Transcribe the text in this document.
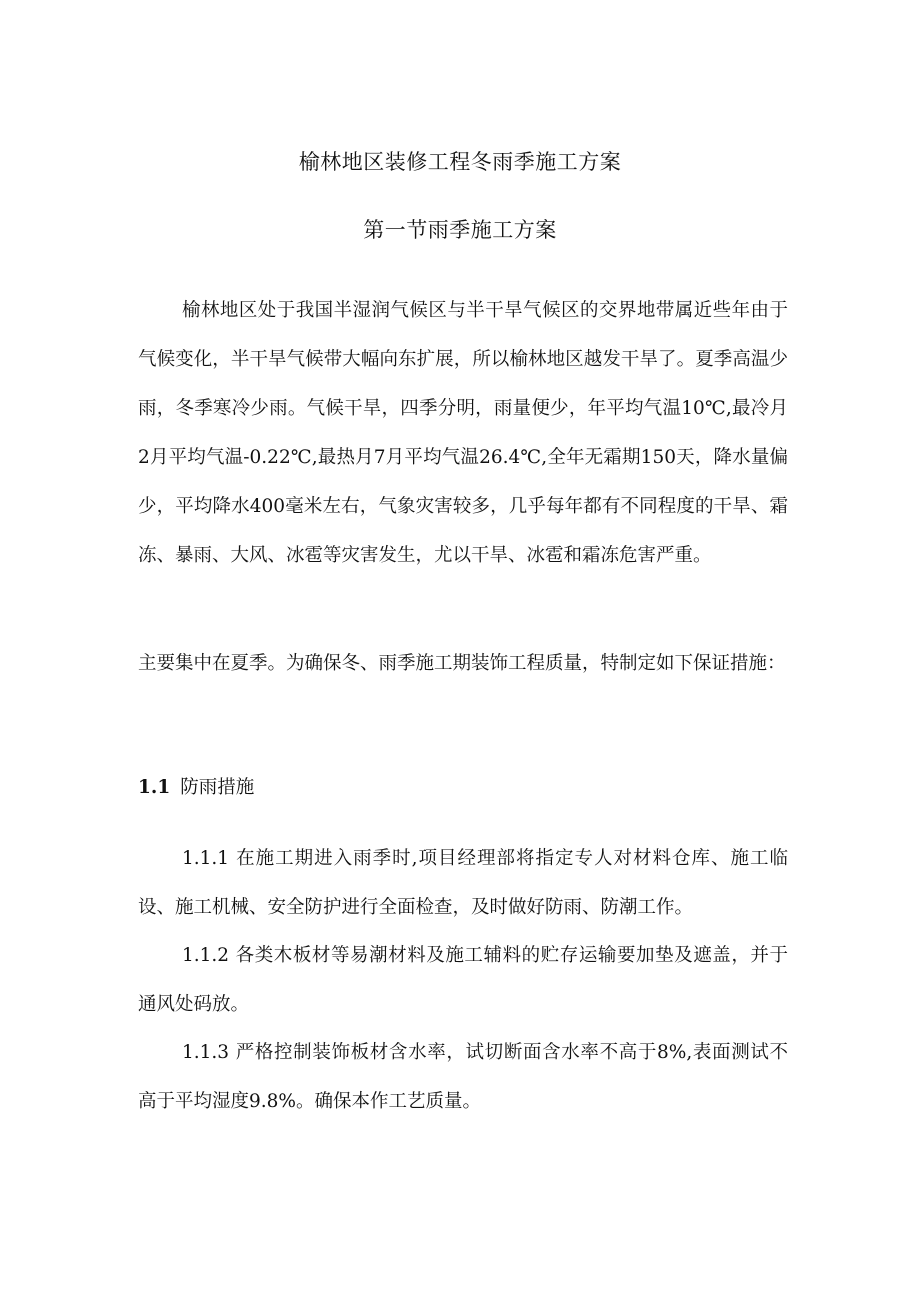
榆林地区装修工程冬雨季施工方案
第一节雨季施工方案

榆林地区处于我国半湿润气候区与半干旱气候区的交界地带属近些年由于气候变化，半干旱气候带大幅向东扩展，所以榆林地区越发干旱了。夏季高温少雨，冬季寒冷少雨。气候干旱，四季分明，雨量便少，年平均气温10℃,最冷月2月平均气温-0.22℃,最热月7月平均气温26.4℃,全年无霜期150天，降水量偏少，平均降水400毫米左右，气象灾害较多，几乎每年都有不同程度的干旱、霜冻、暴雨、大风、冰雹等灾害发生，尤以干旱、冰雹和霜冻危害严重。

主要集中在夏季。为确保冬、雨季施工期装饰工程质量，特制定如下保证措施：

1.1 防雨措施

1.1.1 在施工期进入雨季时,项目经理部将指定专人对材料仓库、施工临设、施工机械、安全防护进行全面检查，及时做好防雨、防潮工作。

1.1.2 各类木板材等易潮材料及施工辅料的贮存运输要加垫及遮盖，并于通风处码放。

1.1.3 严格控制装饰板材含水率，试切断面含水率不高于8%,表面测试不高于平均湿度9.8%。确保本作工艺质量。
